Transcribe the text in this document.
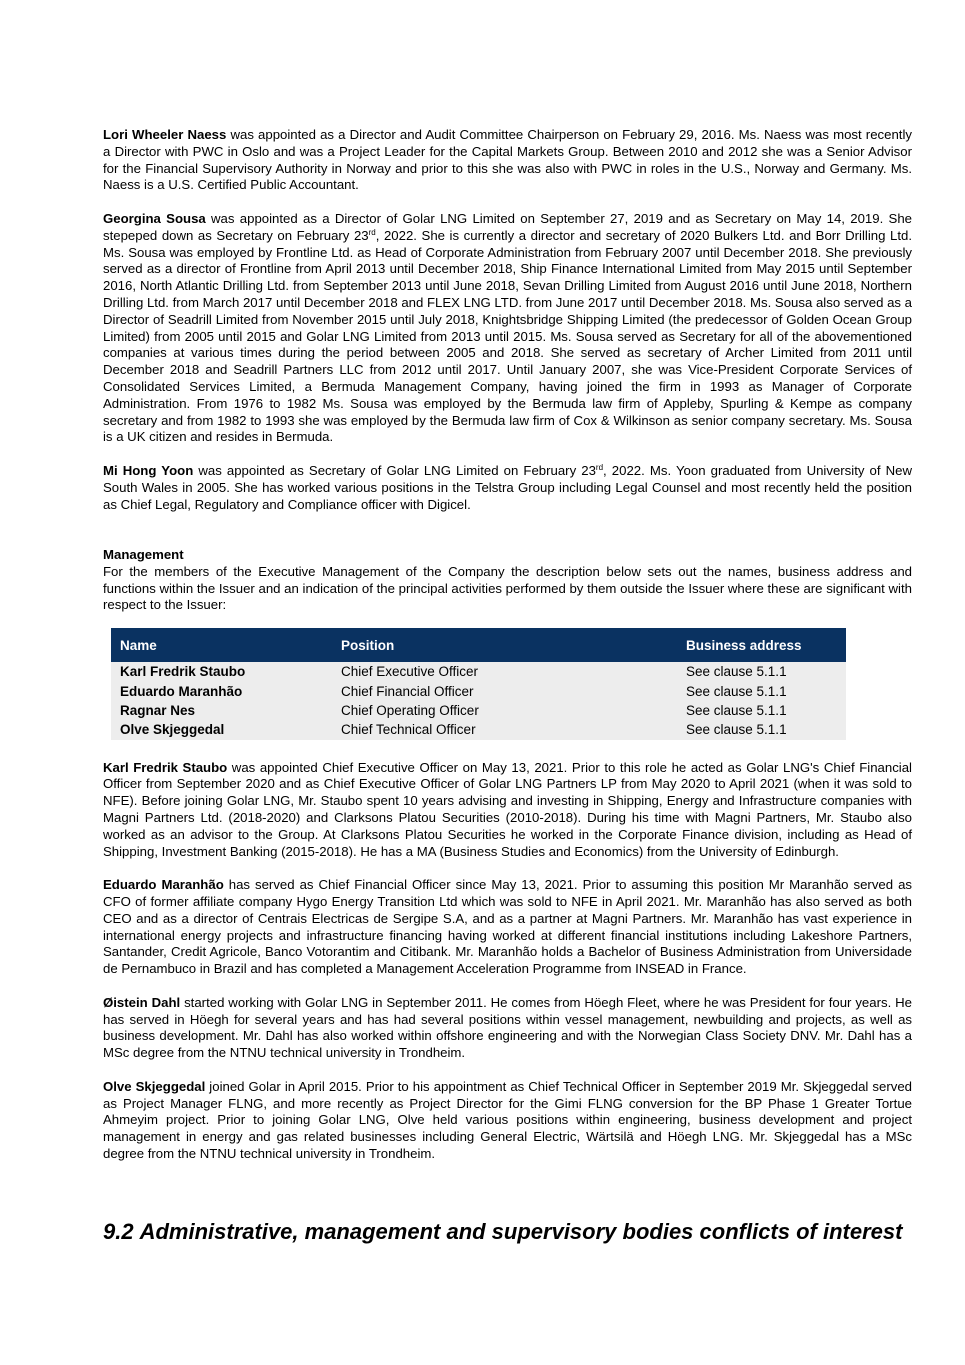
Lori Wheeler Naess was appointed as a Director and Audit Committee Chairperson on February 29, 2016. Ms. Naess was most recently a Director with PWC in Oslo and was a Project Leader for the Capital Markets Group. Between 2010 and 2012 she was a Senior Advisor for the Financial Supervisory Authority in Norway and prior to this she was also with PWC in roles in the U.S., Norway and Germany. Ms. Naess is a U.S. Certified Public Accountant.

Georgina Sousa was appointed as a Director of Golar LNG Limited on September 27, 2019 and as Secretary on May 14, 2019. She stepeped down as Secretary on February 23rd, 2022. She is currently a director and secretary of 2020 Bulkers Ltd. and Borr Drilling Ltd. Ms. Sousa was employed by Frontline Ltd. as Head of Corporate Administration from February 2007 until December 2018. She previously served as a director of Frontline from April 2013 until December 2018, Ship Finance International Limited from May 2015 until September 2016, North Atlantic Drilling Ltd. from September 2013 until June 2018, Sevan Drilling Limited from August 2016 until June 2018, Northern Drilling Ltd. from March 2017 until December 2018 and FLEX LNG LTD. from June 2017 until December 2018. Ms. Sousa also served as a Director of Seadrill Limited from November 2015 until July 2018, Knightsbridge Shipping Limited (the predecessor of Golden Ocean Group Limited) from 2005 until 2015 and Golar LNG Limited from 2013 until 2015. Ms. Sousa served as Secretary for all of the abovementioned companies at various times during the period between 2005 and 2018. She served as secretary of Archer Limited from 2011 until December 2018 and Seadrill Partners LLC from 2012 until 2017. Until January 2007, she was Vice-President Corporate Services of Consolidated Services Limited, a Bermuda Management Company, having joined the firm in 1993 as Manager of Corporate Administration. From 1976 to 1982 Ms. Sousa was employed by the Bermuda law firm of Appleby, Spurling & Kempe as company secretary and from 1982 to 1993 she was employed by the Bermuda law firm of Cox & Wilkinson as senior company secretary. Ms. Sousa is a UK citizen and resides in Bermuda.

Mi Hong Yoon was appointed as Secretary of Golar LNG Limited on February 23rd, 2022. Ms. Yoon graduated from University of New South Wales in 2005. She has worked various positions in the Telstra Group including Legal Counsel and most recently held the position as Chief Legal, Regulatory and Compliance officer with Digicel.

Management

For the members of the Executive Management of the Company the description below sets out the names, business address and functions within the Issuer and an indication of the principal activities performed by them outside the Issuer where these are significant with respect to the Issuer:

Name	Position	Business address
Karl Fredrik Staubo	Chief Executive Officer	See clause 5.1.1
Eduardo Maranhão	Chief Financial Officer	See clause 5.1.1
Ragnar Nes	Chief Operating Officer	See clause 5.1.1
Olve Skjeggedal	Chief Technical Officer	See clause 5.1.1

Karl Fredrik Staubo was appointed Chief Executive Officer on May 13, 2021. Prior to this role he acted as Golar LNG's Chief Financial Officer from September 2020 and as Chief Executive Officer of Golar LNG Partners LP from May 2020 to April 2021 (when it was sold to NFE). Before joining Golar LNG, Mr. Staubo spent 10 years advising and investing in Shipping, Energy and Infrastructure companies with Magni Partners Ltd. (2018-2020) and Clarksons Platou Securities (2010-2018). During his time with Magni Partners, Mr. Staubo also worked as an advisor to the Group. At Clarksons Platou Securities he worked in the Corporate Finance division, including as Head of Shipping, Investment Banking (2015-2018). He has a MA (Business Studies and Economics) from the University of Edinburgh.

Eduardo Maranhão has served as Chief Financial Officer since May 13, 2021. Prior to assuming this position Mr Maranhão served as CFO of former affiliate company Hygo Energy Transition Ltd which was sold to NFE in April 2021. Mr. Maranhão has also served as both CEO and as a director of Centrais Electricas de Sergipe S.A, and as a partner at Magni Partners. Mr. Maranhão has vast experience in international energy projects and infrastructure financing having worked at different financial institutions including Lakeshore Partners, Santander, Credit Agricole, Banco Votorantim and Citibank. Mr. Maranhão holds a Bachelor of Business Administration from Universidade de Pernambuco in Brazil and has completed a Management Acceleration Programme from INSEAD in France.

Øistein Dahl started working with Golar LNG in September 2011. He comes from Höegh Fleet, where he was President for four years. He has served in Höegh for several years and has had several positions within vessel management, newbuilding and projects, as well as business development. Mr. Dahl has also worked within offshore engineering and with the Norwegian Class Society DNV. Mr. Dahl has a MSc degree from the NTNU technical university in Trondheim.

Olve Skjeggedal joined Golar in April 2015. Prior to his appointment as Chief Technical Officer in September 2019 Mr. Skjeggedal served as Project Manager FLNG, and more recently as Project Director for the Gimi FLNG conversion for the BP Phase 1 Greater Tortue Ahmeyim project. Prior to joining Golar LNG, Olve held various positions within engineering, business development and project management in energy and gas related businesses including General Electric, Wärtsilä and Höegh LNG. Mr. Skjeggedal has a MSc degree from the NTNU technical university in Trondheim.

9.2 Administrative, management and supervisory bodies conflicts of interest
